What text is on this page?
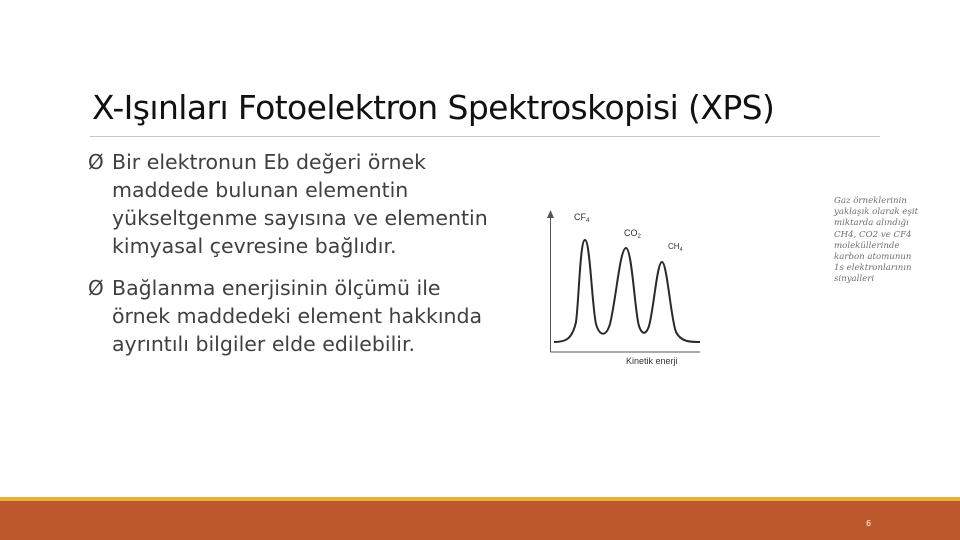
X-Işınları Fotoelektron Spektroskopisi (XPS)
Ø Bir elektronun Eb değeri örnek
maddede bulunan elementin
yükseltgenme sayısına ve elementin
kimyasal çevresine bağlıdır.
Ø Bağlanma enerjisinin ölçümü ile
örnek maddedeki element hakkında
ayrıntılı bilgiler elde edilebilir.
$CF_4$
$CO_2$
$CH_4$
Kinetik enerji
Gaz örneklerinin
yaklaşık olarak eşit
miktarda alındığı
CH4, CO2 ve CF4
moleküllerinde
karbon atomunun
1s elektronlarının
sinyalleri
6
